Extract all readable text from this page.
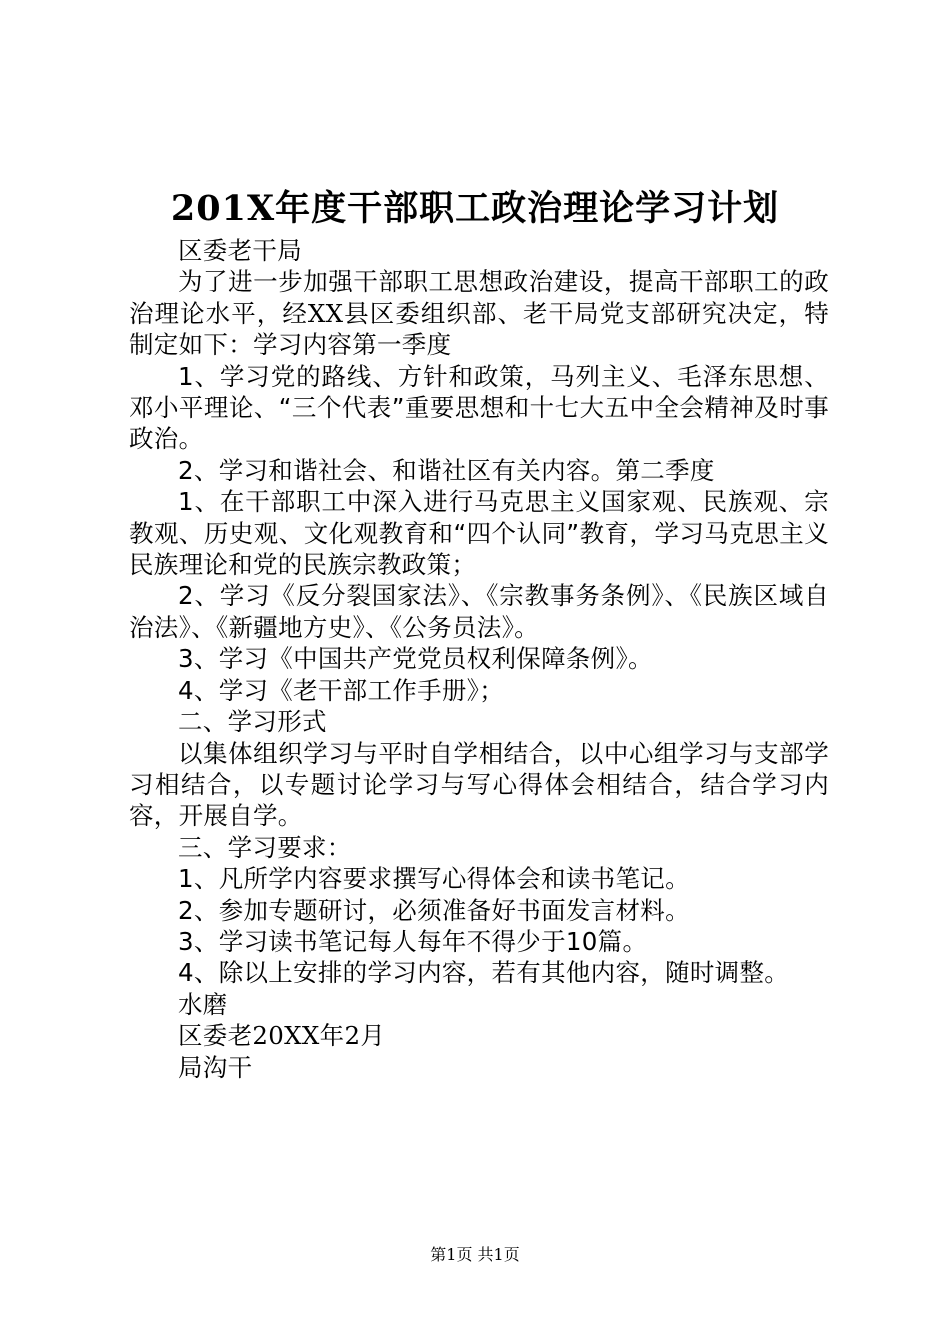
201X年度干部职工政治理论学习计划

区委老干局

为了进一步加强干部职工思想政治建设，提高干部职工的政治理论水平，经XX县区委组织部、老干局党支部研究决定，特制定如下：学习内容第一季度

1、学习党的路线、方针和政策，马列主义、毛泽东思想、邓小平理论、“三个代表”重要思想和十七大五中全会精神及时事政治。

2、学习和谐社会、和谐社区有关内容。第二季度

1、在干部职工中深入进行马克思主义国家观、民族观、宗教观、历史观、文化观教育和“四个认同”教育，学习马克思主义民族理论和党的民族宗教政策；

2、学习《反分裂国家法》、《宗教事务条例》、《民族区域自治法》、《新疆地方史》、《公务员法》。

3、学习《中国共产党党员权利保障条例》。

4、学习《老干部工作手册》；

二、学习形式

以集体组织学习与平时自学相结合，以中心组学习与支部学习相结合，以专题讨论学习与写心得体会相结合，结合学习内容，开展自学。

三、学习要求：

1、凡所学内容要求撰写心得体会和读书笔记。

2、参加专题研讨，必须准备好书面发言材料。

3、学习读书笔记每人每年不得少于10篇。

4、除以上安排的学习内容，若有其他内容，随时调整。

水磨

区委老20XX年2月

局沟干

第1页 共1页
